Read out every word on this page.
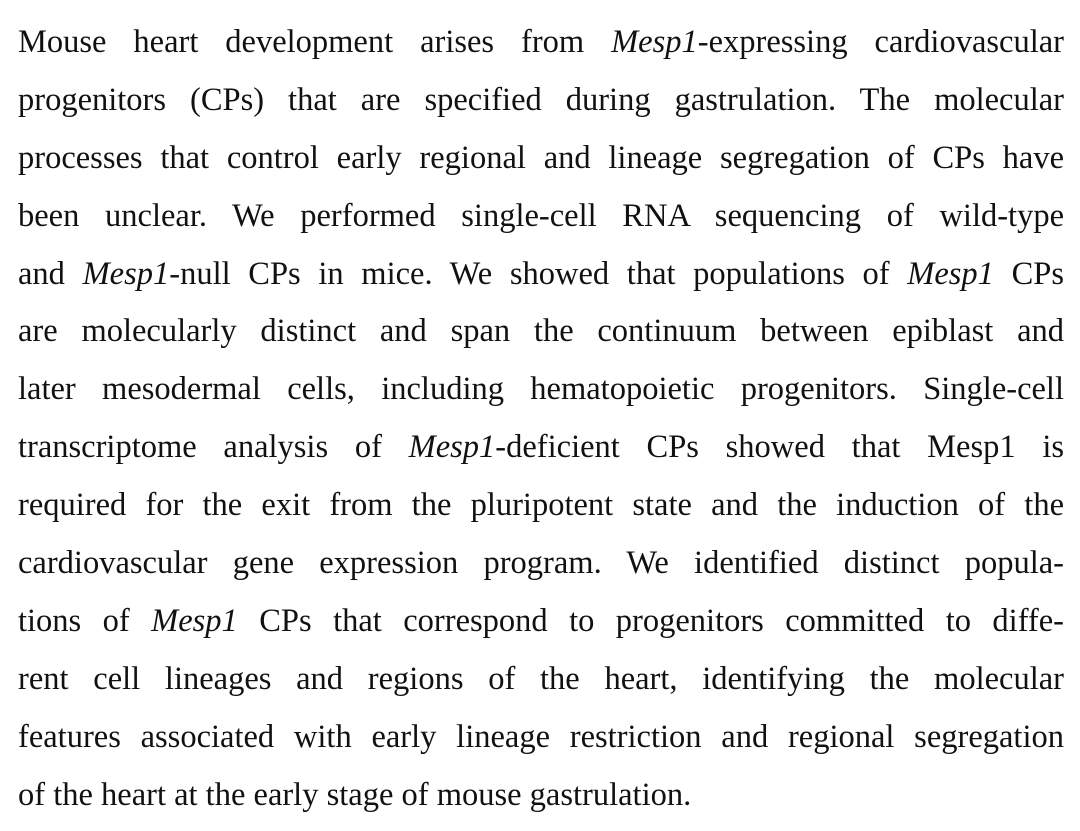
Mouse heart development arises from Mesp1-expressing cardiovascular
progenitors (CPs) that are specified during gastrulation. The molecular
processes that control early regional and lineage segregation of CPs have
been unclear. We performed single-cell RNA sequencing of wild-type
and Mesp1-null CPs in mice. We showed that populations of Mesp1 CPs
are molecularly distinct and span the continuum between epiblast and
later mesodermal cells, including hematopoietic progenitors. Single-cell
transcriptome analysis of Mesp1-deficient CPs showed that Mesp1 is
required for the exit from the pluripotent state and the induction of the
cardiovascular gene expression program. We identified distinct popula-
tions of Mesp1 CPs that correspond to progenitors committed to diffe-
rent cell lineages and regions of the heart, identifying the molecular
features associated with early lineage restriction and regional segregation
of the heart at the early stage of mouse gastrulation.
